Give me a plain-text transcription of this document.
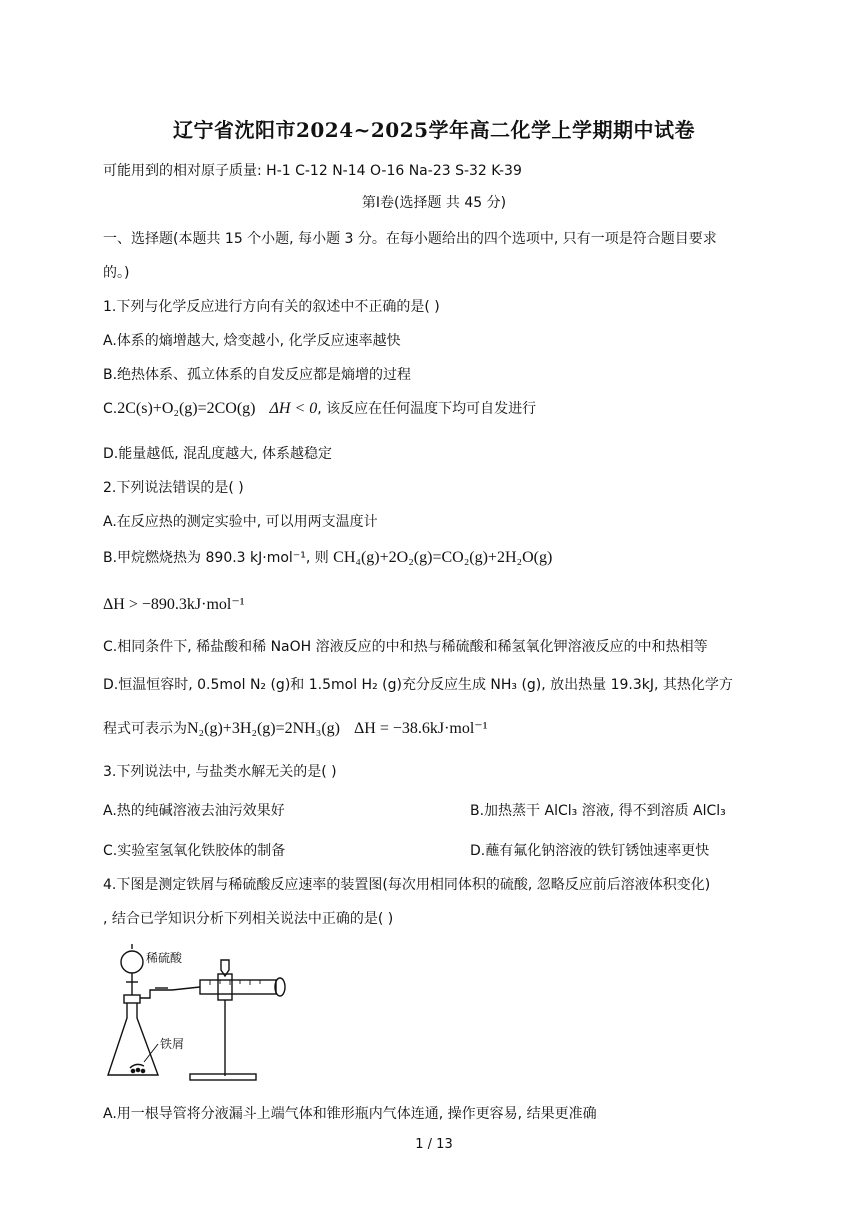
辽宁省沈阳市2024~2025学年高二化学上学期期中试卷
可能用到的相对原子质量: H-1 C-12 N-14 O-16 Na-23 S-32 K-39
第Ⅰ卷(选择题 共 45 分)
一、选择题(本题共 15 个小题, 每小题 3 分。在每小题给出的四个选项中, 只有一项是符合题目要求
的。)
1.下列与化学反应进行方向有关的叙述中不正确的是( )
A.体系的熵增越大, 焓变越小, 化学反应速率越快
B.绝热体系、孤立体系的自发反应都是熵增的过程
C.2C(s)+O₂(g)=2CO(g) ΔH < 0, 该反应在任何温度下均可自发进行
D.能量越低, 混乱度越大, 体系越稳定
2.下列说法错误的是( )
A.在反应热的测定实验中, 可以用两支温度计
B.甲烷燃烧热为 890.3 kJ·mol⁻¹, 则 CH₄(g)+2O₂(g)=CO₂(g)+2H₂O(g)
ΔH > −890.3kJ·mol⁻¹
C.相同条件下, 稀盐酸和稀 NaOH 溶液反应的中和热与稀硫酸和稀氢氧化钾溶液反应的中和热相等
D.恒温恒容时, 0.5mol N₂ (g)和 1.5mol H₂ (g)充分反应生成 NH₃ (g), 放出热量 19.3kJ, 其热化学方
程式可表示为N₂(g)+3H₂(g)=2NH₃(g) ΔH = −38.6kJ·mol⁻¹
3.下列说法中, 与盐类水解无关的是( )
A.热的纯碱溶液去油污效果好	B.加热蒸干 AlCl₃ 溶液, 得不到溶质 AlCl₃
C.实验室氢氧化铁胶体的制备	D.蘸有氟化钠溶液的铁钉锈蚀速率更快
4.下图是测定铁屑与稀硫酸反应速率的装置图(每次用相同体积的硫酸, 忽略反应前后溶液体积变化)
, 结合已学知识分析下列相关说法中正确的是( )
稀硫酸
铁屑
A.用一根导管将分液漏斗上端气体和锥形瓶内气体连通, 操作更容易, 结果更准确
1 / 13
